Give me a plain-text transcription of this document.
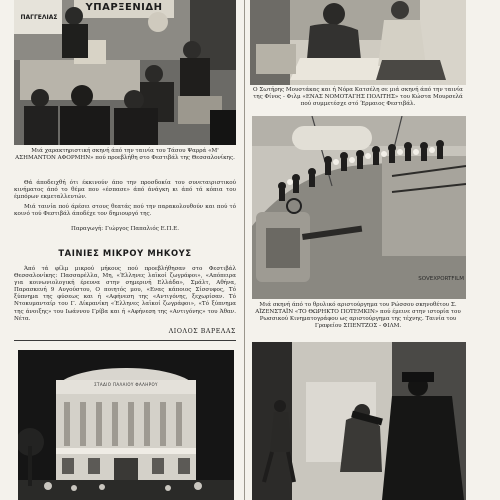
ΥΠΑΡΞΕΝΙΔΗ
ΠΑΓΓΕΛΙΑΣ
Μιά χαρακτηριστική σκηνή άπό την ταινία του Τάσου Ψαρρά «Μ' ΑΣΗΜΑΝΤΟΝ ΑΦΟΡΜΗΝ» πού προεβλήθη στο Φεστιβάλ της Θεσσαλονίκης.
Θά άποδειχθή ότι έκκινούν άπο την προσδοκία του συνεταιριστικού κινήματος άπό το θέμα που «έσπασε» άπό άνάγκη κι άπό τά κόπια του έμπόρων εκμεταλλευτών.
Μιά ταινία πού άρέσει στους θεατάς πού την παρακολουθούν και πού τό κοινό τού Φεστιβάλ άποδέχε τον δημιουργό της.
Παραγωγή: Γιώργος Παπαλιός Ε.Π.Ε.
ΤΑΙΝΙΕΣ ΜΙΚΡΟΥ ΜΗΚΟΥΣ
Άπό τά φίλμ μικρού μήκους πού προεβλήθησαν στο Φεστιβάλ Θεσσαλονίκης: Πασσαρέλλα, Μη, «Έλληνες λαϊκοί ζωγράφοι», «Απόπειρα για κοινωνιολογική έρευνα στην σημερινή Ελλάδα», Σμάλτ, Αθήνα, Παρασκευή 9 Αυγούστου, Ο ποιητός μου, «Ενας κάποιος Σίσσυφος, Τό ξύπνημα της φύσεως και ή «Αφήνεση της «Αντιγόνης, ξεχωρίσαν. Τό Ντοκυμανταίρ του Γ. Δίκρανίκη «Έλληνες λαϊκοί ζωγράφοι», «Τό ξύπνημα της άνοιξης» του Ιωάννου Γρίβα και ή «Αφήνεση της «Αντιγόνης» του Άθαν. Νέτα.
ΛΙΟΛΟΣ ΒΑΡΕΛΑΣ
ΣΤΑΔΙΟ ΠΑΛΑΙΟΥ ΦΑΛΗΡΟΥ
Ο Σωτήρης Μουστάκας και ή Νόρα Κατσέλη σε μιά σκηνή άπό την ταινία της Φίνος - Φιλμ «ΕΝΑΣ ΝΟΜΟΤΑΓΗΣ ΠΟΛΙΤΗΣ» του Κώστα Μουρσελά πού συμμετέσχε στό Έρμαιος Φεστιβάλ.
SOVEXPORTFILM
Μιά σκηνή άπό το θρυλικό αριστούργημα του Ρώσσου σκηνοθέτου Σ. ΑΪΖΕΝΣΤΑΪΝ «ΤΟ ΘΩΡΗΚΤΟ ΠΟΤΕΜΚΙΝ» πού έμεινε στην ιστορία του Ρωσσικού Κινηματογράφου ως αριστούργημα της τέχνης. Ταινία του Γραφείου ΣΠΕΝΤΖΟΣ - ΦΙΛΜ.
